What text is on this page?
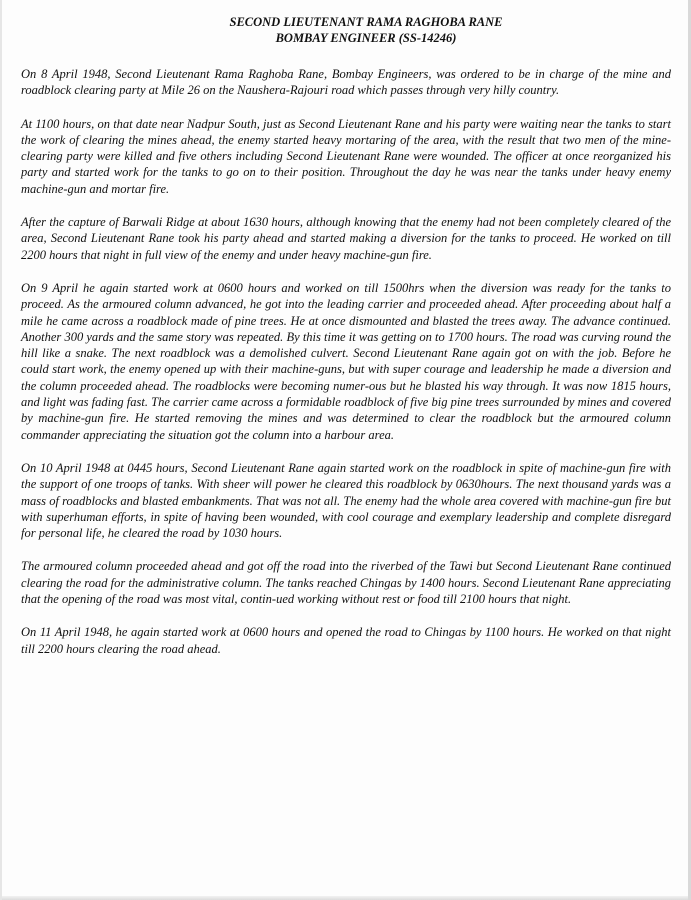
SECOND LIEUTENANT RAMA RAGHOBA RANE
BOMBAY ENGINEER (SS-14246)

On 8 April 1948, Second Lieutenant Rama Raghoba Rane, Bombay Engineers, was ordered to be in charge of the mine and roadblock clearing party at Mile 26 on the Naushera-Rajouri road which passes through very hilly country.

At 1100 hours, on that date near Nadpur South, just as Second Lieutenant Rane and his party were waiting near the tanks to start the work of clearing the mines ahead, the enemy started heavy mortaring of the area, with the result that two men of the mine-clearing party were killed and five others including Second Lieutenant Rane were wounded. The officer at once reorganized his party and started work for the tanks to go on to their position. Throughout the day he was near the tanks under heavy enemy machine-gun and mortar fire.

After the capture of Barwali Ridge at about 1630 hours, although knowing that the enemy had not been completely cleared of the area, Second Lieutenant Rane took his party ahead and started making a diversion for the tanks to proceed. He worked on till 2200 hours that night in full view of the enemy and under heavy machine-gun fire.

On 9 April he again started work at 0600 hours and worked on till 1500hrs when the diversion was ready for the tanks to proceed. As the armoured column advanced, he got into the leading carrier and proceeded ahead. After proceeding about half a mile he came across a roadblock made of pine trees. He at once dismounted and blasted the trees away. The advance continued. Another 300 yards and the same story was repeated. By this time it was getting on to 1700 hours. The road was curving round the hill like a snake. The next roadblock was a demolished culvert. Second Lieutenant Rane again got on with the job. Before he could start work, the enemy opened up with their machine-guns, but with super courage and leadership he made a diversion and the column proceeded ahead. The roadblocks were becoming numer-ous but he blasted his way through. It was now 1815 hours, and light was fading fast. The carrier came across a formidable roadblock of five big pine trees surrounded by mines and covered by machine-gun fire. He started removing the mines and was determined to clear the roadblock but the armoured column commander appreciating the situation got the column into a harbour area.

On 10 April 1948 at 0445 hours, Second Lieutenant Rane again started work on the roadblock in spite of machine-gun fire with the support of one troops of tanks. With sheer will power he cleared this roadblock by 0630hours. The next thousand yards was a mass of roadblocks and blasted embankments. That was not all. The enemy had the whole area covered with machine-gun fire but with superhuman efforts, in spite of having been wounded, with cool courage and exemplary leadership and complete disregard for personal life, he cleared the road by 1030 hours.

The armoured column proceeded ahead and got off the road into the riverbed of the Tawi but Second Lieutenant Rane continued clearing the road for the administrative column. The tanks reached Chingas by 1400 hours. Second Lieutenant Rane appreciating that the opening of the road was most vital, contin-ued working without rest or food till 2100 hours that night.

On 11 April 1948, he again started work at 0600 hours and opened the road to Chingas by 1100 hours. He worked on that night till 2200 hours clearing the road ahead.
